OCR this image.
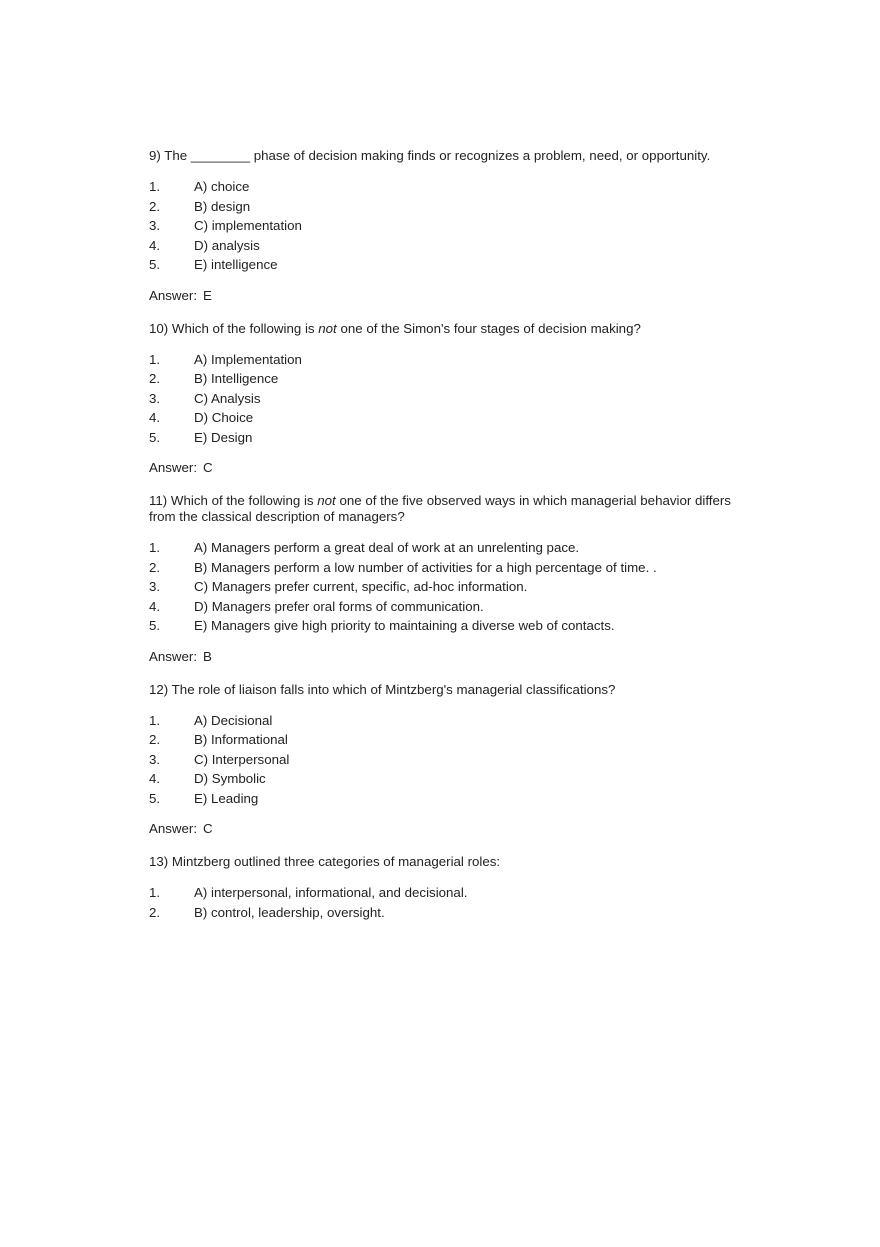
9) The ________ phase of decision making finds or recognizes a problem, need, or opportunity.

1.	A) choice
2.	B) design
3.	C) implementation
4.	D) analysis
5.	E) intelligence

Answer: E

10) Which of the following is not one of the Simon's four stages of decision making?

1.	A) Implementation
2.	B) Intelligence
3.	C) Analysis
4.	D) Choice
5.	E) Design

Answer: C

11) Which of the following is not one of the five observed ways in which managerial behavior differs from the classical description of managers?

1.	A) Managers perform a great deal of work at an unrelenting pace.
2.	B) Managers perform a low number of activities for a high percentage of time. .
3.	C) Managers prefer current, specific, ad-hoc information.
4.	D) Managers prefer oral forms of communication.
5.	E) Managers give high priority to maintaining a diverse web of contacts.

Answer: B

12) The role of liaison falls into which of Mintzberg's managerial classifications?

1.	A) Decisional
2.	B) Informational
3.	C) Interpersonal
4.	D) Symbolic
5.	E) Leading

Answer: C

13) Mintzberg outlined three categories of managerial roles:

1.	A) interpersonal, informational, and decisional.
2.	B) control, leadership, oversight.
